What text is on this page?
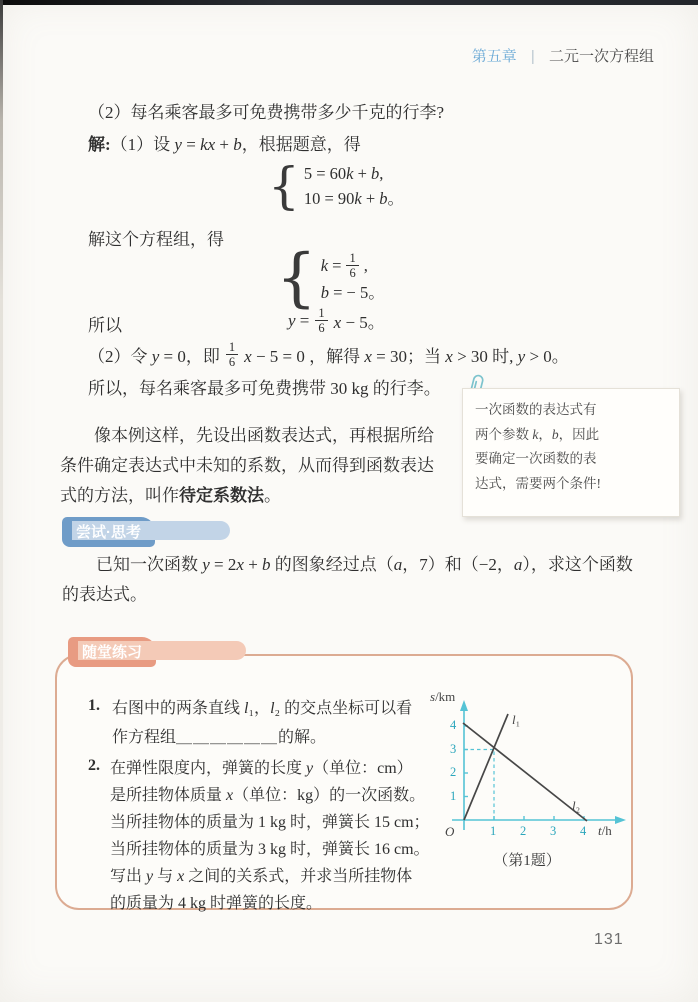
第五章 | 二元一次方程组
（2）每名乘客最多可免费携带多少千克的行李?
解:（1）设 y = kx + b，根据题意，得
{ 5 = 60k + b,
10 = 90k + b。
解这个方程组，得
{ $k = \frac{1}{6}$ ,
b = − 5。
所以	$y = \frac{1}{6}$ x − 5。
（2）令 y = 0，即 $\frac{1}{6}$ x − 5 = 0 ，解得 x = 30；当 x > 30 时, y > 0。
所以，每名乘客最多可免费携带 30 kg 的行李。
一次函数的表达式有
两个参数 k，b，因此
要确定一次函数的表
达式，需要两个条件!
像本例这样，先设出函数表达式，再根据所给
条件确定表达式中未知的系数，从而得到函数表达
式的方法，叫作待定系数法。
尝试·思考
已知一次函数 y = 2x + b 的图象经过点（a，7）和（−2，a），求这个函数
的表达式。
随堂练习
1. 右图中的两条直线 l₁，l₂ 的交点坐标可以看
作方程组＿＿＿＿＿＿的解。
2. 在弹性限度内，弹簧的长度 y（单位：cm）
是所挂物体质量 x（单位：kg）的一次函数。
当所挂物体的质量为 1 kg 时，弹簧长 15 cm；
当所挂物体的质量为 3 kg 时，弹簧长 16 cm。
写出 y 与 x 之间的关系式，并求当所挂物体
的质量为 4 kg 时弹簧的长度。
s/km
t/h
O
l₁
l₂
1 2 3 4
1
2
3
4
（第1题）
131
